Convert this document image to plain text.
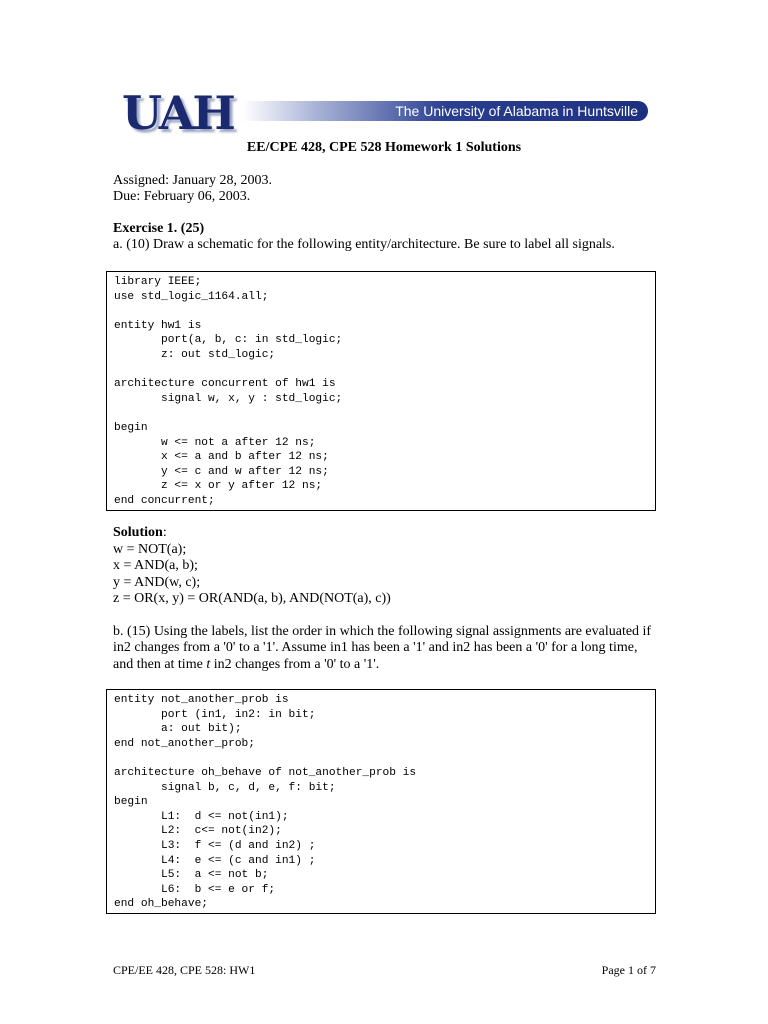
UAH	The University of Alabama in Huntsville
EE/CPE 428, CPE 528 Homework 1 Solutions
Assigned: January 28, 2003.
Due: February 06, 2003.
Exercise 1. (25)
a. (10) Draw a schematic for the following entity/architecture. Be sure to label all signals.
library IEEE;
use std_logic_1164.all;

entity hw1 is
port(a, b, c: in std_logic;
z: out std_logic;

architecture concurrent of hw1 is
signal w, x, y : std_logic;

begin
w <= not a after 12 ns;
x <= a and b after 12 ns;
y <= c and w after 12 ns;
z <= x or y after 12 ns;
end concurrent;
Solution:
w = NOT(a);
x = AND(a, b);
y = AND(w, c);
z = OR(x, y) = OR(AND(a, b), AND(NOT(a), c))
b. (15) Using the labels, list the order in which the following signal assignments are evaluated if
in2 changes from a '0' to a '1'. Assume in1 has been a '1' and in2 has been a '0' for a long time,
and then at time t in2 changes from a '0' to a '1'.
entity not_another_prob is
port (in1, in2: in bit;
a: out bit);
end not_another_prob;

architecture oh_behave of not_another_prob is
signal b, c, d, e, f: bit;
begin
L1:  d <= not(in1);
L2:  c<= not(in2);
L3:  f <= (d and in2) ;
L4:  e <= (c and in1) ;
L5:  a <= not b;
L6:  b <= e or f;
end oh_behave;
CPE/EE 428, CPE 528: HW1	Page 1 of 7
